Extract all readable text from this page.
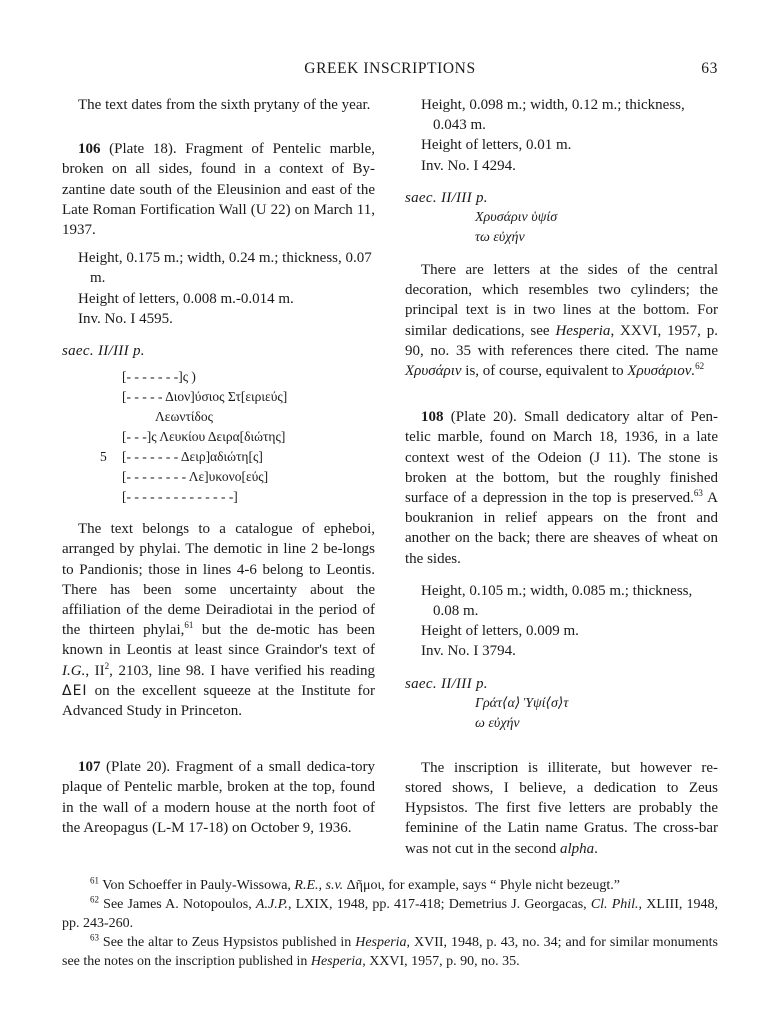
GREEK INSCRIPTIONS	63

The text dates from the sixth prytany of the year.

106 (Plate 18). Fragment of Pentelic marble, broken on all sides, found in a context of By-zantine date south of the Eleusinion and east of the Late Roman Fortification Wall (U 22) on March 11, 1937.

Height, 0.175 m.; width, 0.24 m.; thickness, 0.07 m.

Height of letters, 0.008 m.-0.014 m.

Inv. No. I 4595.

saec. II/III p.

[- - - - - - -]ς )
[- - - - - Διον]ύσιος Στ[ειριεύς]
Λεωντίδος
[- - -]ς Λευκίου Δειρα[διώτης]
5 [- - - - - - - Δειρ]αδιώτη[ς]
[- - - - - - - - Λε]υκονο[εύς]
[- - - - - - - - - - - - - -]

The text belongs to a catalogue of epheboi, arranged by phylai. The demotic in line 2 be-longs to Pandionis; those in lines 4-6 belong to Leontis. There has been some uncertainty about the affiliation of the deme Deiradiotai in the period of the thirteen phylai,$^{61}$ but the de-motic has been known in Leontis at least since Graindor's text of I.G., $II^2$, 2103, line 98. I have verified his reading ΔΕΙ on the excellent squeeze at the Institute for Advanced Study in Princeton.

107 (Plate 20). Fragment of a small dedica-tory plaque of Pentelic marble, broken at the top, found in the wall of a modern house at the north foot of the Areopagus (L-M 17-18) on October 9, 1936.

Height, 0.098 m.; width, 0.12 m.; thickness, 0.043 m.

Height of letters, 0.01 m.

Inv. No. I 4294.

saec. II/III p.

Χρυσάριν ὑψίσ
τω εὐχήν

There are letters at the sides of the central decoration, which resembles two cylinders; the principal text is in two lines at the bottom. For similar dedications, see Hesperia, XXVI, 1957, p. 90, no. 35 with references there cited. The name Χρυσάριν is, of course, equivalent to Χρυσάριον.$^{62}$

108 (Plate 20). Small dedicatory altar of Pen-telic marble, found on March 18, 1936, in a late context west of the Odeion (J 11). The stone is broken at the bottom, but the roughly finished surface of a depression in the top is preserved.$^{63}$ A boukranion in relief appears on the front and another on the back; there are sheaves of wheat on the sides.

Height, 0.105 m.; width, 0.085 m.; thickness, 0.08 m.

Height of letters, 0.009 m.

Inv. No. I 3794.

saec. II/III p.

Γράτ⟨α⟩ Ὑψί⟨σ⟩τ
ω εὐχήν

The inscription is illiterate, but however re-stored shows, I believe, a dedication to Zeus Hypsistos. The first five letters are probably the feminine of the Latin name Gratus. The cross-bar was not cut in the second alpha.

$^{61}$ Von Schoeffer in Pauly-Wissowa, R.E., s.v. Δῆμοι, for example, says “ Phyle nicht bezeugt.”

$^{62}$ See James A. Notopoulos, A.J.P., LXIX, 1948, pp. 417-418; Demetrius J. Georgacas, Cl. Phil., XLIII, 1948, pp. 243-260.

$^{63}$ See the altar to Zeus Hypsistos published in Hesperia, XVII, 1948, p. 43, no. 34; and for similar monuments see the notes on the inscription published in Hesperia, XXVI, 1957, p. 90, no. 35.
